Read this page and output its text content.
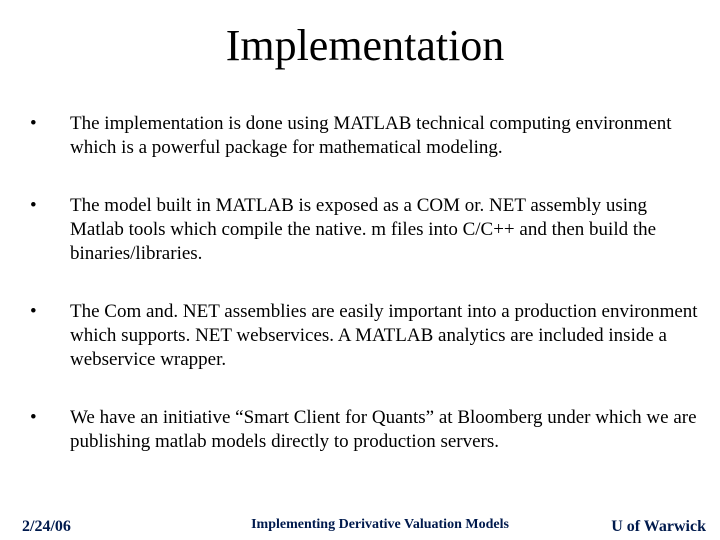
Implementation
•	The implementation is done using MATLAB technical computing environment which is a powerful package for mathematical modeling.
•	The model built in MATLAB is exposed as a COM or. NET assembly using Matlab tools which compile the native. m files into C/C++ and then build the binaries/libraries.
•	The Com and. NET assemblies are easily important into a production environment which supports. NET webservices. A MATLAB analytics are included inside a webservice wrapper.
•	We have an initiative “Smart Client for Quants” at Bloomberg under which we are publishing matlab models directly to production servers.
2/24/06	Implementing Derivative Valuation Models	U of Warwick
